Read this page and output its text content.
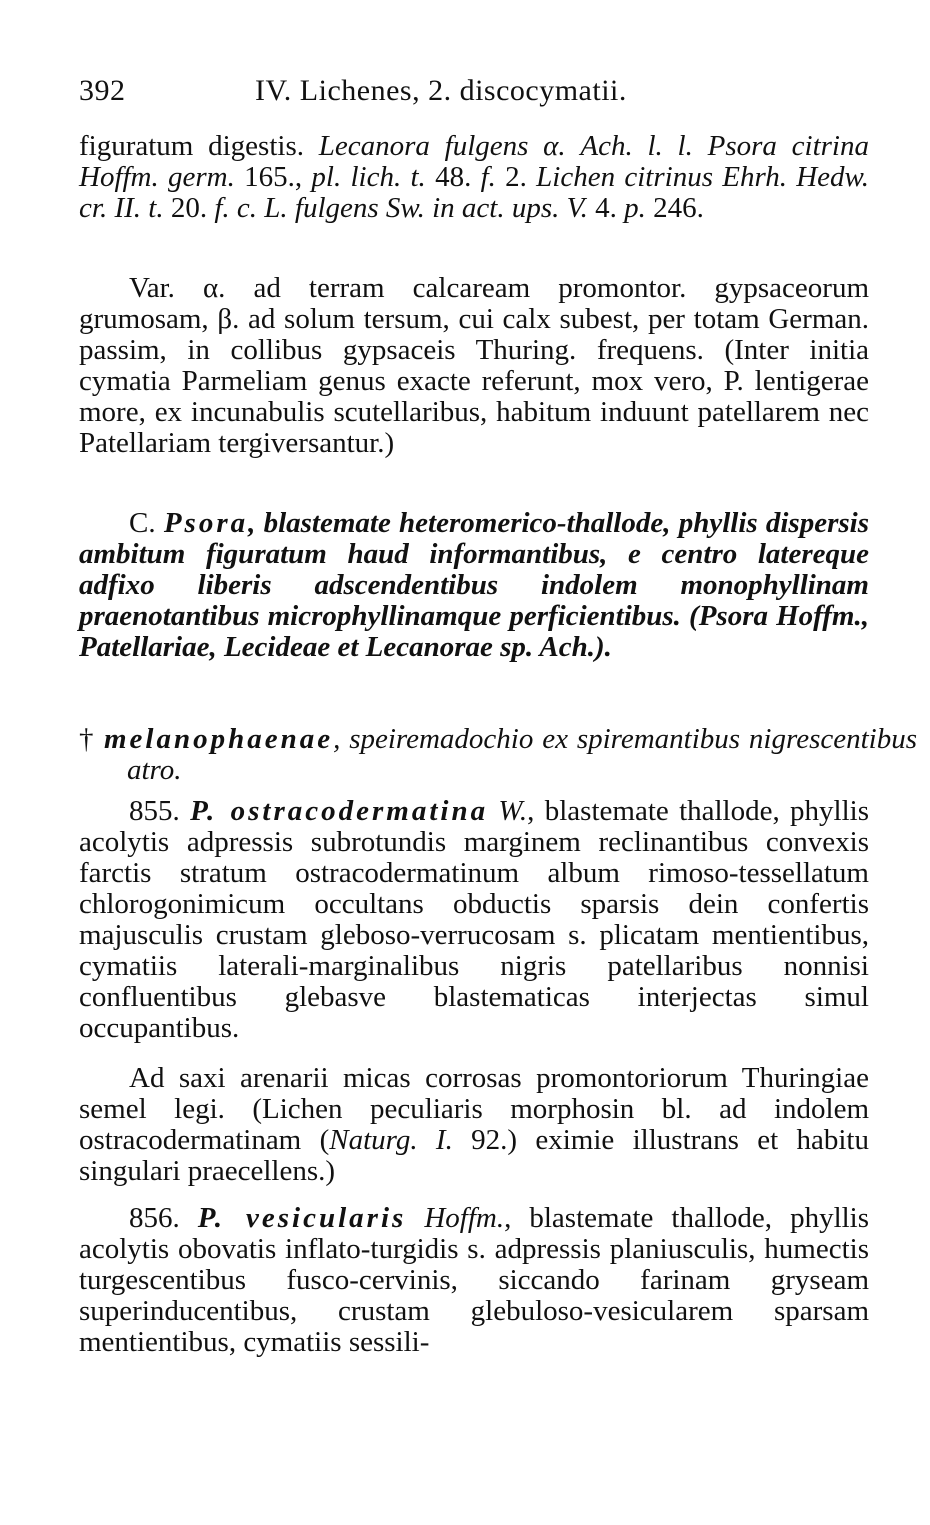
392	IV. Lichenes, 2. discocymatii.
figuratum digestis. Lecanora fulgens α. Ach. l. l. Psora citrina Hoffm. germ. 165., pl. lich. t. 48. f. 2. Lichen citrinus Ehrh. Hedw. cr. II. t. 20. f. c. L. fulgens Sw. in act. ups. V. 4. p. 246.
Var. α. ad terram calcaream promontor. gypsaceorum grumosam, β. ad solum tersum, cui calx subest, per totam German. passim, in collibus gypsaceis Thuring. frequens. (Inter initia cymatia Parmeliam genus exacte referunt, mox vero, P. lentigerae more, ex incunabulis scutellaribus, habitum induunt patellarem nec Patellariam tergiversantur.)
C. Psora, blastemate heteromerico-thallode, phyllis dispersis ambitum figuratum haud informantibus, e centro laterеque adfixo liberis adscendentibus indolem monophyllinam praenotantibus microphyllinamque perficientibus. (Psora Hoffm., Patellariae, Lecideae et Lecanorae sp. Ach.).
† melanophaenae, speiremadochio ex spiremantibus nigrescentibus atro.
855. P. ostracodermatina W., blastemate thallode, phyllis acolytis adpressis subrotundis marginem reclinantibus convexis farctis stratum ostracodermatinum album rimoso-tessellatum chlorogonimicum occultans obductis sparsis dein confertis majusculis crustam gleboso-verrucosam s. plicatam mentientibus, cymatiis laterali-marginalibus nigris patellaribus nonnisi confluentibus glebasve blastematicas interjectas simul occupantibus.
Ad saxi arenarii micas corrosas promontoriorum Thuringiae semel legi. (Lichen peculiaris morphosin bl. ad indolem ostracodermatinam (Naturg. I. 92.) eximie illustrans et habitu singulari praecellens.)
856. P. vesicularis Hoffm., blastemate thallode, phyllis acolytis obovatis inflato-turgidis s. adpressis planiusculis, humectis turgescentibus fusco-cervinis, siccando farinam gryseam superinducentibus, crustam glebuloso-vesicularem sparsam mentientibus, cymatiis sessili-
